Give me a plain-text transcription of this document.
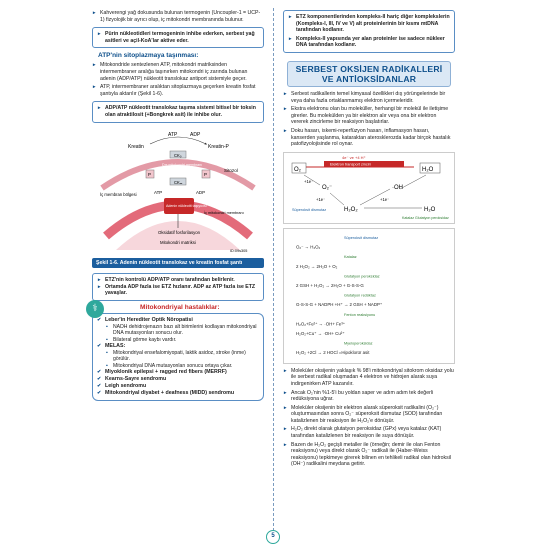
► Kahverengi yağ dokusunda bulunan termogenin (Uncoupler-1 = UCP-1) fizyolojik bir ayrıcı olup, iç mitokondri membranında bulunur.
► Pürin nükleotidleri termogeninin inhibe ederken, serbest yağ asitleri ve açil-KoA'lar aktive eder.
ATP'nin sitoplazmaya taşınması:
► Mitokondride sentezlenen ATP, mitokondri matriksinden intermembraner aralığa taşınırken mitokondri iç zarında bulunan adenin (ADP/ATP) nükleotit translokaz antiport sistemiyle geçer.
► ATP, intermembraner aralıktan sitoplazmaya geçerken kreatin fosfat şantıyla aktarılır (Şekil 1-6).
► ADP/ATP nükleotit translokaz taşıma sistemi bitisel bir toksin olan atraktilosit (+Bongkrek asit) ile inhibe olur.
ATP	ADP
Kreatin	Kreatin-P
CKₒ
Dış mitokondri membranı
Sitozol
P	P
CKₘ
İç membran bölgesi	ATP	ADP
Adenin nükleotit taşıyıcısı
İç mitokondri membranı
Oksidatif fosforilasyon
Mitokondri matriksi
ID:09s305
Şekil 1-6. Adenin nükleotit translokaz ve kreatin fosfat şantı
► ETZ'nin kontrolü ADP/ATP oranı tarafından belirlenir.
► Ortamda ADP fazla ise ETZ hızlanır. ADP az ATP fazla ise ETZ yavaşlar.
Mitokondriyal hastalıklar:
⚕
✔ Leber'in Herediter Optik Nöropatisi
▪ NADH dehidrojenazın bazı alt birimlerini kodlayan mitokondriyal DNA mutasyonları sonucu olur.
▪ Bilateral görme kaybı vardır.
✔ MELAS:
▪ Mitokondriyal ensefalomiyopati, laktik asidoz, stroke (inme) görülür.
▪ Mitokondriyal DNA mutasyonları sonucu ortaya çıkar.
✔ Miyoklonik epilepsi + ragged red fibers (MERRF)
✔ Kearns-Sayre sendromu
✔ Leigh sendromu
✔ Mitokondriyal diyabet + deafness (MIDD) sendromu
► ETZ komponentlerinden kompleks-II hariç diğer komplekslerin (Kompleks-I, III, IV ve V) alt proteinlerinin bir kısmı mtDNA tarafından kodlanır.
► Kompleks-II yapısında yer alan proteinler ise sadece nükleer DNA tarafından kodlanır.
SERBEST OKSİJEN RADİKALLERİ VE ANTİOKSİDANLAR
► Serbest radikallerin temel kimyasal özellikleri dış yörüngelerinde bir veya daha fazla ortaklanmamış elektron içermeleridir.
► Ekstra elektronu olan bu moleküller, herhangi bir molekül ile iletişime girerler. Bu molekülden ya bir elektron alır veya ona bir elektron vererek zincirleme bir reaksiyon başlatırlar.
► Doku hasarı, iskemi-reperfüzyon hasarı, inflamasyon hasarı, kanserden yaşlanma, kataraktan aterosklerozda kadar birçok hastalık patofizyolojisinde rol oynar.
4e⁻ ve +4 H⁺
Elektron transport zinciri
O₂	H₂O
+1e⁻
O₂⁻	·OH
+1e⁻	+1e⁻
Süperoksit dismutaz	H₂O₂	H₂O
Katalaz Glutatyon peroksidaz
Süperoksit dismutaz
O₂⁻ → H₂O₂
Katalaz
2 H₂O₂ → 2H₂O + O₂
Glutatyon peroksidaz
2 GSH + H₂O₂ → 2H₂O + G-S-S-G
Glutatyon redüktaz
G-S-S-G + NADPH +H⁺ → 2 GSH + NADP⁺
Fenton reaksiyonu
H₂O₂+Fe²⁺ → ·OH+ Fe³⁺
H₂O₂+Cu⁺ → ·OH+ Cu²⁺
Myeloperoksidaz
H₂O₂ +2Cl → 2 HOCl =Hipoklorür asit
► Moleküler oksijenin yaklaşık % 98'i mitokondriyal sitokrom oksidaz yolu ile serbest radikal oluşmadan 4 elektron ve hidrojen alarak suya indirgenirken ATP kazanılır.
► Ancak O₂'nin %1-5'i bu yoldan saper ve adım adım tek değerli redüksiyona uğrar.
► Moleküler oksijenin bir elektron alarak süperoksit radikalini (O₂⁻) oluşturmasından sonra O₂⁻ süperoksit dismutaz (SOD) tarafından katalizlenen bir reaksiyon ile H₂O₂'e dönüşür.
► H₂O₂ direkt olarak glutatyon peroksidaz (GPx) veya katalaz (KAT) tarafından katalizlenen bir reaksiyon ile suya dönüşür.
► Bazen de H₂O₂ geçişli metaller ile (örneğin; demir ile olan Fenton reaksiyonu) veya direkt olarak O₂⁻ radikali ile (Haber-Weiss reaksiyonu) tepkimeye girerek bilinen en tehlikeli radikal olan hidroksil (OH⁻) radikalini meydana getirir.
5
